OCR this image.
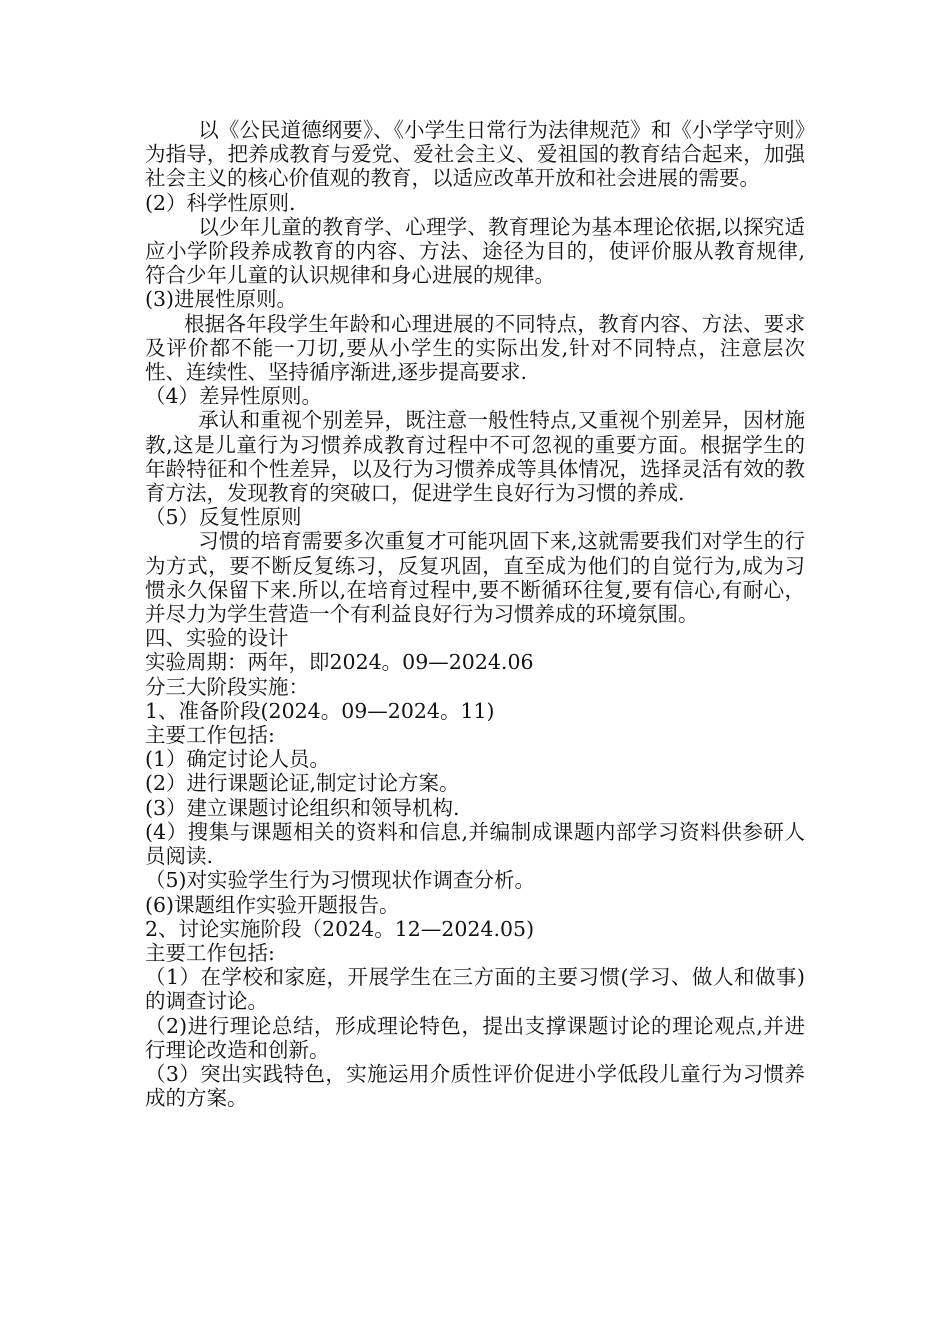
以《公民道德纲要》、《小学生日常行为法律规范》和《小学学守则》为指导，把养成教育与爱党、爱社会主义、爱祖国的教育结合起来，加强社会主义的核心价值观的教育，以适应改革开放和社会进展的需要。

(2）科学性原则.

以少年儿童的教育学、心理学、教育理论为基本理论依据,以探究适应小学阶段养成教育的内容、方法、途径为目的，使评价服从教育规律,符合少年儿童的认识规律和身心进展的规律。

(3)进展性原则。

根据各年段学生年龄和心理进展的不同特点，教育内容、方法、要求及评价都不能一刀切,要从小学生的实际出发,针对不同特点，注意层次性、连续性、坚持循序渐进,逐步提高要求.

（4）差异性原则。

承认和重视个别差异，既注意一般性特点,又重视个别差异，因材施教,这是儿童行为习惯养成教育过程中不可忽视的重要方面。根据学生的年龄特征和个性差异，以及行为习惯养成等具体情况，选择灵活有效的教育方法，发现教育的突破口，促进学生良好行为习惯的养成.

（5）反复性原则

习惯的培育需要多次重复才可能巩固下来,这就需要我们对学生的行为方式，要不断反复练习，反复巩固，直至成为他们的自觉行为,成为习惯永久保留下来.所以,在培育过程中,要不断循环往复,要有信心,有耐心，并尽力为学生营造一个有利益良好行为习惯养成的环境氛围。

四、实验的设计

实验周期：两年，即2024。09—2024.06

分三大阶段实施：

1、准备阶段(2024。09—2024。11)

主要工作包括:

(1）确定讨论人员。

(2）进行课题论证,制定讨论方案。

(3）建立课题讨论组织和领导机构.

(4）搜集与课题相关的资料和信息,并编制成课题内部学习资料供参研人员阅读.

（5)对实验学生行为习惯现状作调查分析。

(6)课题组作实验开题报告。

2、讨论实施阶段（2024。12—2024.05)

主要工作包括:

（1）在学校和家庭，开展学生在三方面的主要习惯(学习、做人和做事)的调查讨论。

（2)进行理论总结，形成理论特色，提出支撑课题讨论的理论观点,并进行理论改造和创新。

（3）突出实践特色，实施运用介质性评价促进小学低段儿童行为习惯养成的方案。
